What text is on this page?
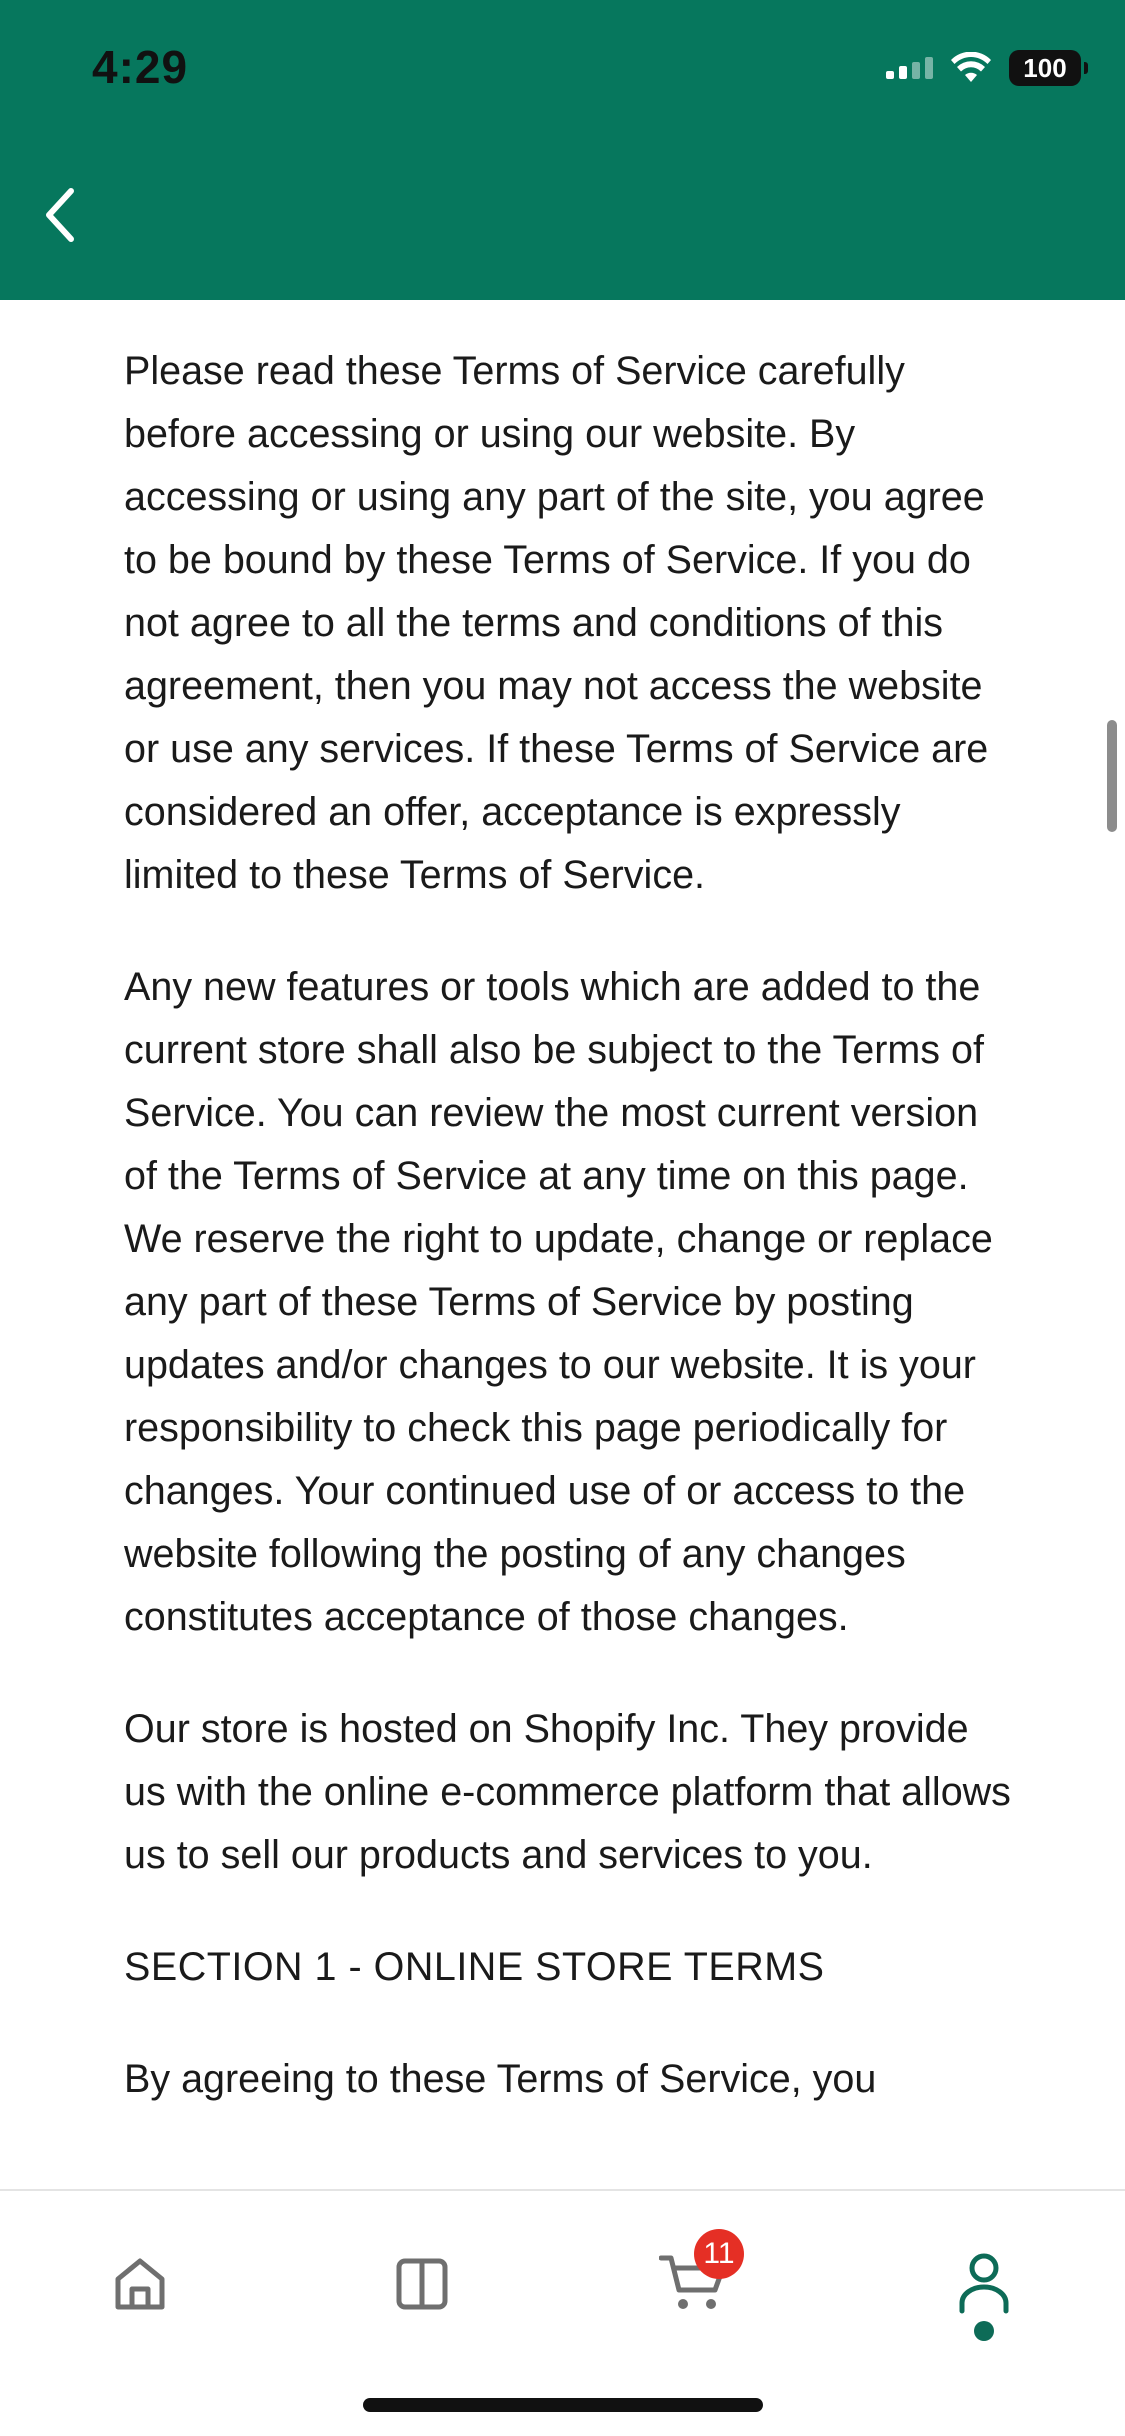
4:29	100

Please read these Terms of Service carefully before accessing or using our website. By accessing or using any part of the site, you agree to be bound by these Terms of Service. If you do not agree to all the terms and conditions of this agreement, then you may not access the website or use any services. If these Terms of Service are considered an offer, acceptance is expressly limited to these Terms of Service.

Any new features or tools which are added to the current store shall also be subject to the Terms of Service. You can review the most current version of the Terms of Service at any time on this page. We reserve the right to update, change or replace any part of these Terms of Service by posting updates and/or changes to our website. It is your responsibility to check this page periodically for changes. Your continued use of or access to the website following the posting of any changes constitutes acceptance of those changes.

Our store is hosted on Shopify Inc. They provide us with the online e-commerce platform that allows us to sell our products and services to you.

SECTION 1 - ONLINE STORE TERMS

By agreeing to these Terms of Service, you

11
